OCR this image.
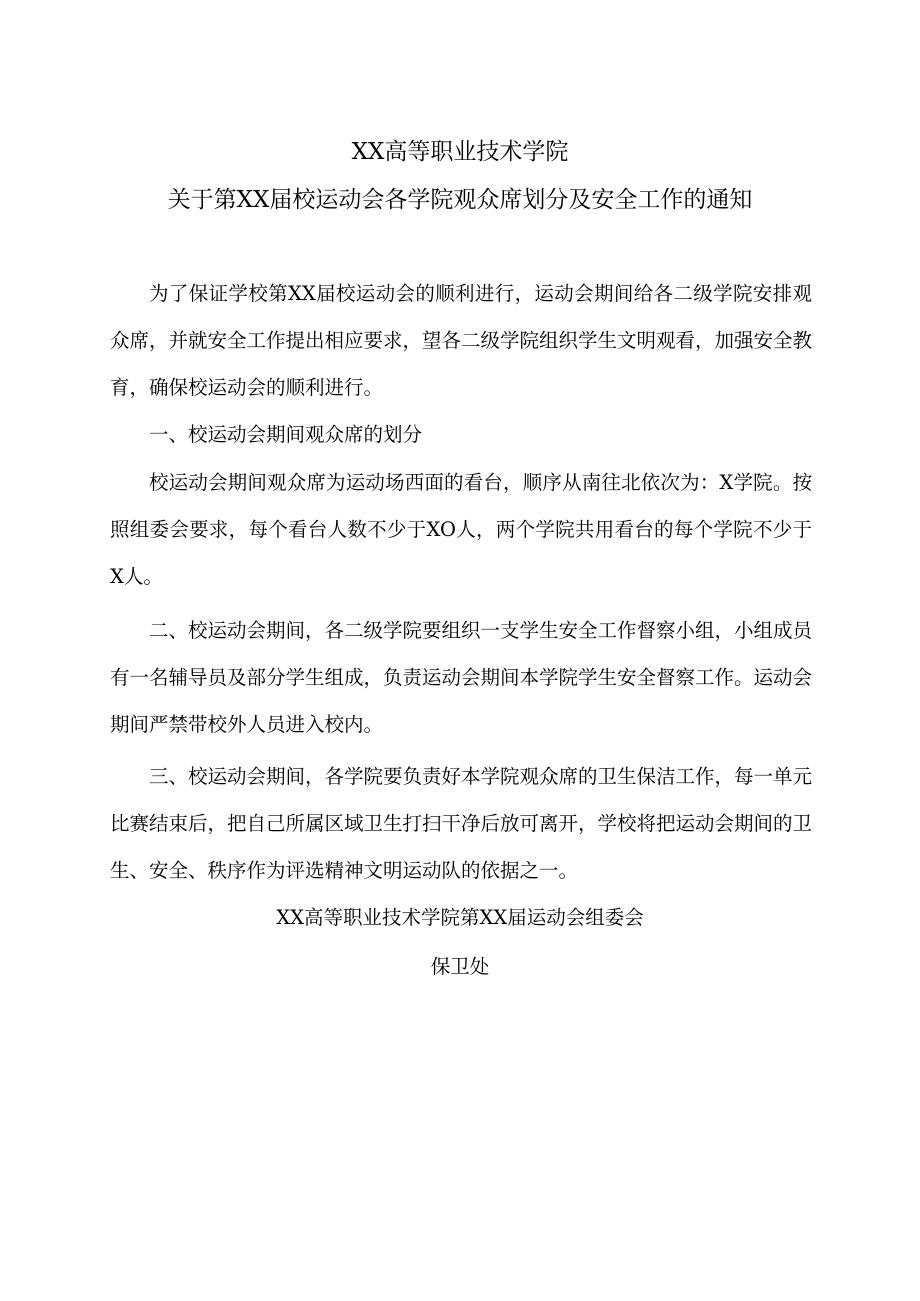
XX高等职业技术学院
关于第XX届校运动会各学院观众席划分及安全工作的通知

为了保证学校第XX届校运动会的顺利进行，运动会期间给各二级学院安排观众席，并就安全工作提出相应要求，望各二级学院组织学生文明观看，加强安全教育，确保校运动会的顺利进行。

一、校运动会期间观众席的划分

校运动会期间观众席为运动场西面的看台，顺序从南往北依次为：X学院。按照组委会要求，每个看台人数不少于XO人，两个学院共用看台的每个学院不少于X人。

二、校运动会期间，各二级学院要组织一支学生安全工作督察小组，小组成员有一名辅导员及部分学生组成，负责运动会期间本学院学生安全督察工作。运动会期间严禁带校外人员进入校内。

三、校运动会期间，各学院要负责好本学院观众席的卫生保洁工作，每一单元比赛结束后，把自己所属区域卫生打扫干净后放可离开，学校将把运动会期间的卫生、安全、秩序作为评选精神文明运动队的依据之一。

XX高等职业技术学院第XX届运动会组委会
保卫处
